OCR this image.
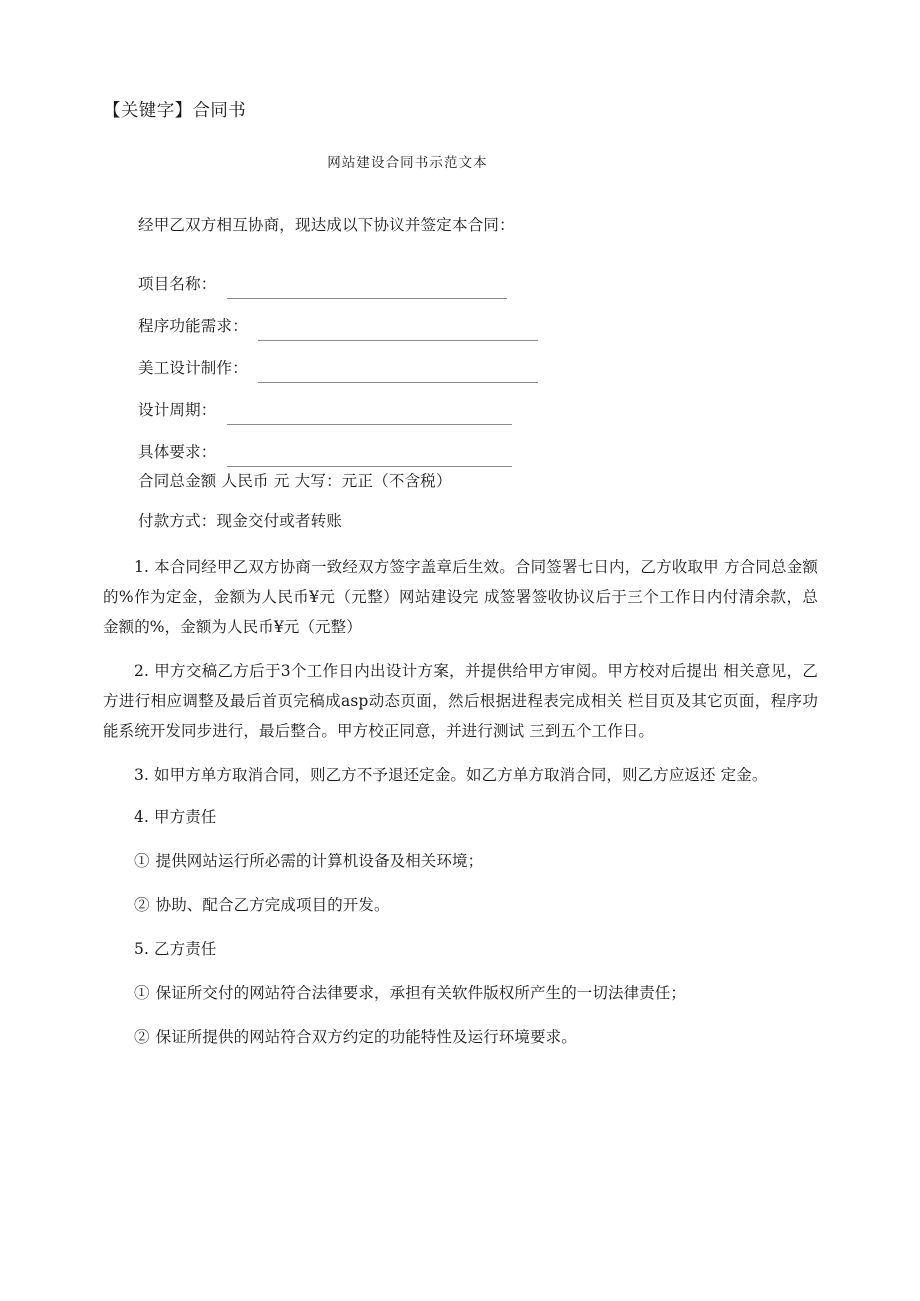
【关键字】合同书
网站建设合同书示范文本
经甲乙双方相互协商，现达成以下协议并签定本合同：
项目名称：
程序功能需求：
美工设计制作：
设计周期：
具体要求：
合同总金额 人民币 元 大写：元正（不含税）
付款方式：现金交付或者转账

1. 本合同经甲乙双方协商一致经双方签字盖章后生效。合同签署七日内，乙方收取甲 方合同总金额的%作为定金，金额为人民币¥元（元整）网站建设完 成签署签收协议后于三个工作日内付清余款，总金额的%，金额为人民币¥元（元整）

2. 甲方交稿乙方后于3个工作日内出设计方案，并提供给甲方审阅。甲方校对后提出 相关意见，乙方进行相应调整及最后首页完稿成asp动态页面，然后根据进程表完成相关 栏目页及其它页面，程序功能系统开发同步进行，最后整合。甲方校正同意，并进行测试 三到五个工作日。

3. 如甲方单方取消合同，则乙方不予退还定金。如乙方单方取消合同，则乙方应返还 定金。

4. 甲方责任

① 提供网站运行所必需的计算机设备及相关环境；

② 协助、配合乙方完成项目的开发。

5. 乙方责任

① 保证所交付的网站符合法律要求，承担有关软件版权所产生的一切法律责任；

② 保证所提供的网站符合双方约定的功能特性及运行环境要求。
